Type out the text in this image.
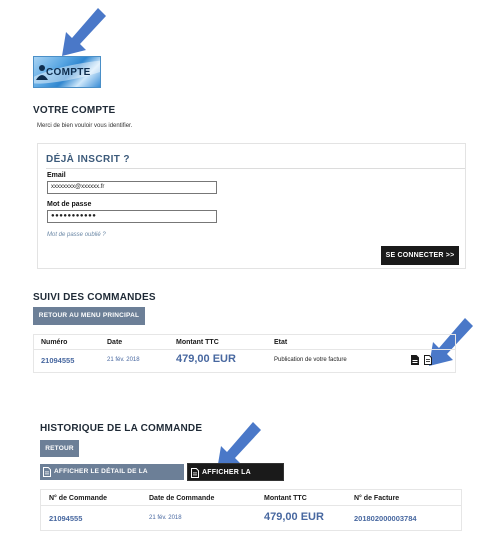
COMPTE
VOTRE COMPTE
Merci de bien vouloir vous identifier.
DÉJÀ INSCRIT ?
Email
xxxxxxxx@xxxxxx.fr
Mot de passe
●●●●●●●●●●●
Mot de passe oublié ?
SE CONNECTER >>
SUIVI DES COMMANDES
RETOUR AU MENU PRINCIPAL
Numéro	Date	Montant TTC	Etat
21094555	21 fév. 2018	479,00 EUR	Publication de votre facture
HISTORIQUE DE LA COMMANDE
RETOUR
AFFICHER LE DÉTAIL DE LA COMMANDE
AFFICHER LA FACTURE
N° de Commande	Date de Commande	Montant TTC	N° de Facture
21094555	21 fév. 2018	479,00 EUR	201802000003784
